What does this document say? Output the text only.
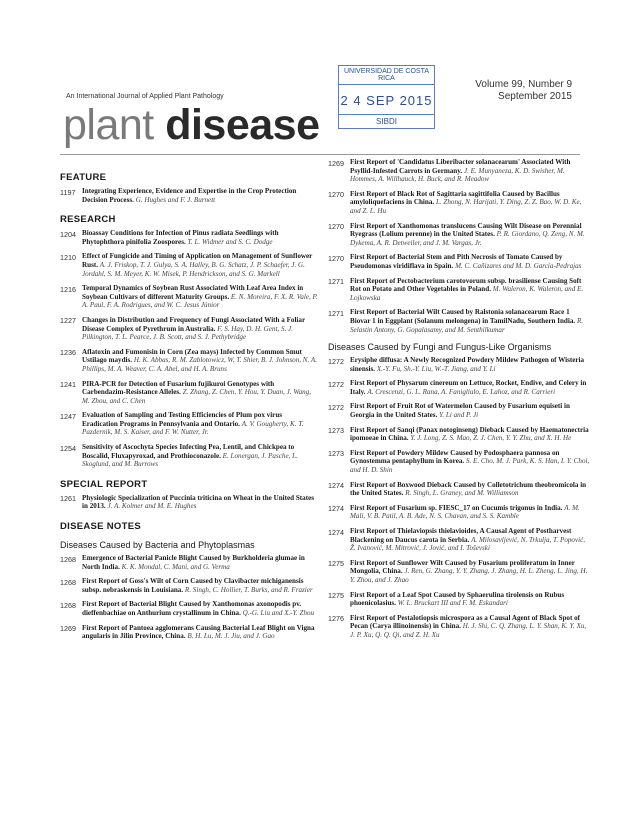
An International Journal of Applied Plant Pathology
plant disease
UNIVERSIDAD DE COSTA RICA
2 4 SEP 2015
SIBDI
Volume 99, Number 9
September 2015
FEATURE
1197 Integrating Experience, Evidence and Expertise in the Crop Protection Decision Process. G. Hughes and F. J. Burnett
RESEARCH
1204 Bioassay Conditions for Infection of Pinus radiata Seedlings with Phytophthora pinifolia Zoospores. T. L. Widmer and S. C. Dodge
1210 Effect of Fungicide and Timing of Application on Management of Sunflower Rust. A. J. Friskop, T. J. Gulya, S. A. Halley, B. G. Schatz, J. P. Schaefer, J. G. Jordahl, S. M. Meyer, K. W. Misek, P. Hendrickson, and S. G. Markell
1216 Temporal Dynamics of Soybean Rust Associated With Leaf Area Index in Soybean Cultivars of different Maturity Groups. E. N. Moreira, F. X. R. Vale, P. A. Paul, F. A. Rodrigues, and W. C. Jesus Júnior
1227 Changes in Distribution and Frequency of Fungi Associated With a Foliar Disease Complex of Pyrethrum in Australia. F. S. Hay, D. H. Gent, S. J. Pilkington, T. L. Pearce, J. B. Scott, and S. J. Pethybridge
1236 Aflatoxin and Fumonisin in Corn (Zea mays) Infected by Common Smut Ustilago maydis. H. K. Abbas, R. M. Zablotowicz, W. T. Shier, B. J. Johnson, N. A. Phillips, M. A. Weaver, C. A. Abel, and H. A. Bruns
1241 PIRA-PCR for Detection of Fusarium fujikuroi Genotypes with Carbendazim-Resistance Alleles. Z. Zhang, Z. Chen, Y. Hou, Y. Duan, J. Wang, M. Zhou, and C. Chen
1247 Evaluation of Sampling and Testing Efficiencies of Plum pox virus Eradication Programs in Pennsylvania and Ontario. A. V. Gougherty, K. T. Pazdernik, M. S. Kaiser, and F. W. Nutter, Jr.
1254 Sensitivity of Ascochyta Species Infecting Pea, Lentil, and Chickpea to Boscalid, Fluxapyroxad, and Prothioconazole. E. Lonergan, J. Pasche, L. Skoglund, and M. Burrows
SPECIAL REPORT
1261 Physiologic Specialization of Puccinia triticina on Wheat in the United States in 2013. J. A. Kolmer and M. E. Hughes
DISEASE NOTES
Diseases Caused by Bacteria and Phytoplasmas
1268 Emergence of Bacterial Panicle Blight Caused by Burkholderia glumae in North India. K. K. Mondal, C. Mani, and G. Verma
1268 First Report of Goss's Wilt of Corn Caused by Clavibacter michiganensis subsp. nebraskensis in Louisiana. R. Singh, C. Hollier, T. Burks, and R. Frazier
1268 First Report of Bacterial Blight Caused by Xanthomonas axonopodis pv. dieffenbachiae on Anthurium crystallinum in China. Q.-G. Liu and X.-Y. Zhou
1269 First Report of Pantoea agglomerans Causing Bacterial Leaf Blight on Vigna angularis in Jilin Province, China. B. H. Lu, M. J. Jiu, and J. Gao
1269 First Report of 'Candidatus Liberibacter solanacearum' Associated With Psyllid-Infested Carrots in Germany. J. E. Munyaneza, K. D. Swisher, M. Hommes, A. Willhauck, H. Buck, and R. Meadow
1270 First Report of Black Rot of Sagittaria sagittifolia Caused by Bacillus amyloliquefaciens in China. L. Zhong, N. Harijati, Y. Ding, Z. Z. Bao, W. D. Ke, and Z. L. Hu
1270 First Report of Xanthomonas translucens Causing Wilt Disease on Perennial Ryegrass (Lolium perenne) in the United States. P. R. Giordano, Q. Zeng, N. M. Dykema, A. R. Detweiler, and J. M. Vargas, Jr.
1270 First Report of Bacterial Stem and Pith Necrosis of Tomato Caused by Pseudomonas viridiflava in Spain. M. C. Cañizares and M. D. García-Pedrajas
1271 First Report of Pectobacterium carotovorum subsp. brasiliense Causing Soft Rot on Potato and Other Vegetables in Poland. M. Waleron, K. Waleron, and E. Lojkowska
1271 First Report of Bacterial Wilt Caused by Ralstonia solanacearum Race 1 Biovar 1 in Eggplant (Solanum melongena) in TamilNadu, Southern India. R. Selastin Antony, G. Gopalasamy, and M. Senthilkumar
Diseases Caused by Fungi and Fungus-Like Organisms
1272 Erysiphe diffusa: A Newly Recognized Powdery Mildew Pathogen of Wisteria sinensis. X.-Y. Fu, Sh.-Y. Liu, W.-T. Jiang, and Y. Li
1272 First Report of Physarum cinereum on Lettuce, Rocket, Endive, and Celery in Italy. A. Crescenzi, G. L. Rana, A. Fanigliulo, E. Lahoz, and R. Carrieri
1272 First Report of Fruit Rot of Watermelon Caused by Fusarium equiseti in Georgia in the United States. Y. Li and P. Ji
1273 First Report of Sanqi (Panax notoginseng) Dieback Caused by Haematonectria ipomoeae in China. Y. J. Long, Z. S. Mao, Z. J. Chen, Y. Y. Zhu, and X. H. He
1273 First Report of Powdery Mildew Caused by Podosphaera pannosa on Gynostemma pentaphyllum in Korea. S. E. Cho, M. J. Park, K. S. Han, I. Y. Choi, and H. D. Shin
1274 First Report of Boxwood Dieback Caused by Colletotrichum theobromicola in the United States. R. Singh, L. Graney, and M. Williamson
1274 First Report of Fusarium sp. FIESC_17 on Cucumis trigonus in India. A. M. Mali, V. B. Patil, A. B. Ade, N. S. Chavan, and S. S. Kamble
1274 First Report of Thielaviopsis thielavioides, A Causal Agent of Postharvest Blackening on Daucus carota in Serbia. A. Milosavljević, N. Trkulja, T. Popović, Ž. Ivanović, M. Mitrović, J. Jović, and I. Toševski
1275 First Report of Sunflower Wilt Caused by Fusarium proliferatum in Inner Mongolia, China. J. Ren, G. Zhang, Y. Y. Zhang, J. Zhang, H. L. Zheng, L. Jing, H. Y. Zhou, and J. Zhao
1275 First Report of a Leaf Spot Caused by Sphaerulina tirolensis on Rubus phoenicolasius. W. L. Bruckart III and F. M. Eskandari
1276 First Report of Pestalotiopsis microspora as a Causal Agent of Black Spot of Pecan (Carya illinoinensis) in China. H. J. Shi, C. Q. Zhang, L. Y. Shan, K. Y. Xu, J. P. Xu, Q. Q. Qi, and Z. H. Xu
